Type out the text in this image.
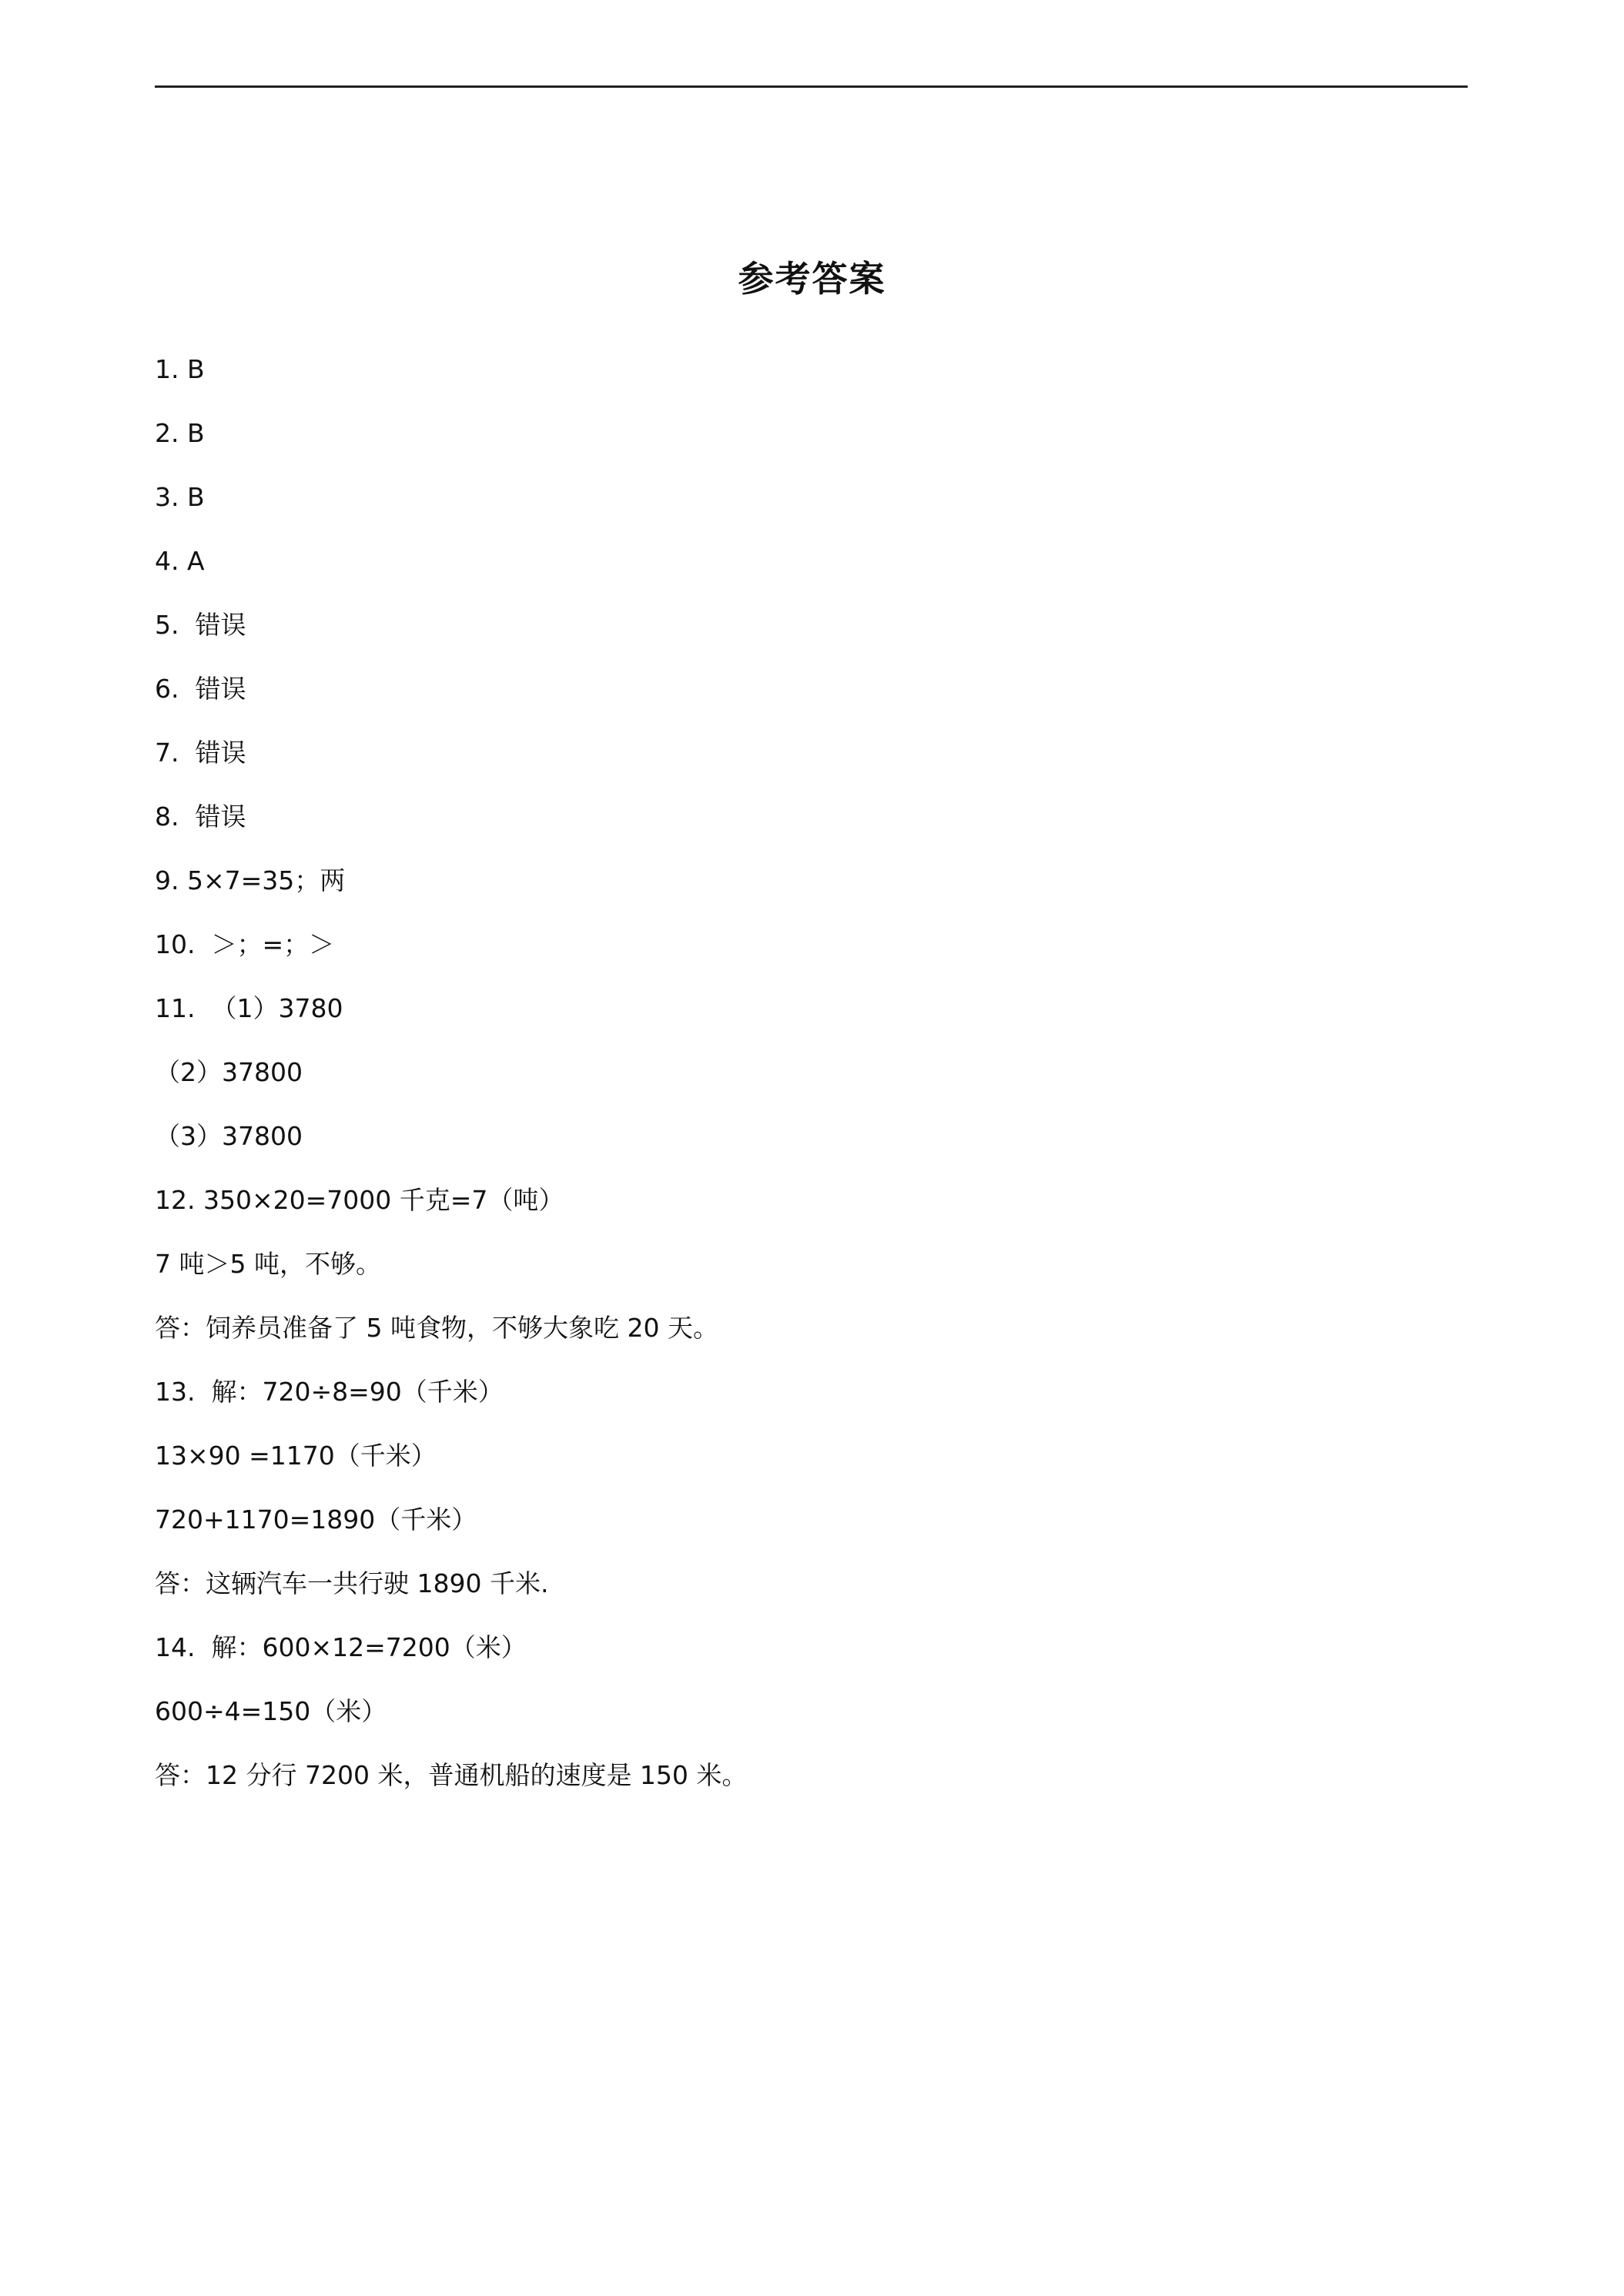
参考答案
1. B
2. B
3. B
4. A
5.  错误
6.  错误
7.  错误
8.  错误
9. 5×7=35；两
10.  ＞；=；＞
11.  （1）3780
（2）37800
（3）37800
12. 350×20=7000 千克=7（吨）
7 吨＞5 吨，不够。
答：饲养员准备了 5 吨食物，不够大象吃 20 天。
13.  解：720÷8=90（千米）
13×90 =1170（千米）
720+1170=1890（千米）
答：这辆汽车一共行驶 1890 千米.
14.  解：600×12=7200（米）
600÷4=150（米）
答：12 分行 7200 米，普通机船的速度是 150 米。
